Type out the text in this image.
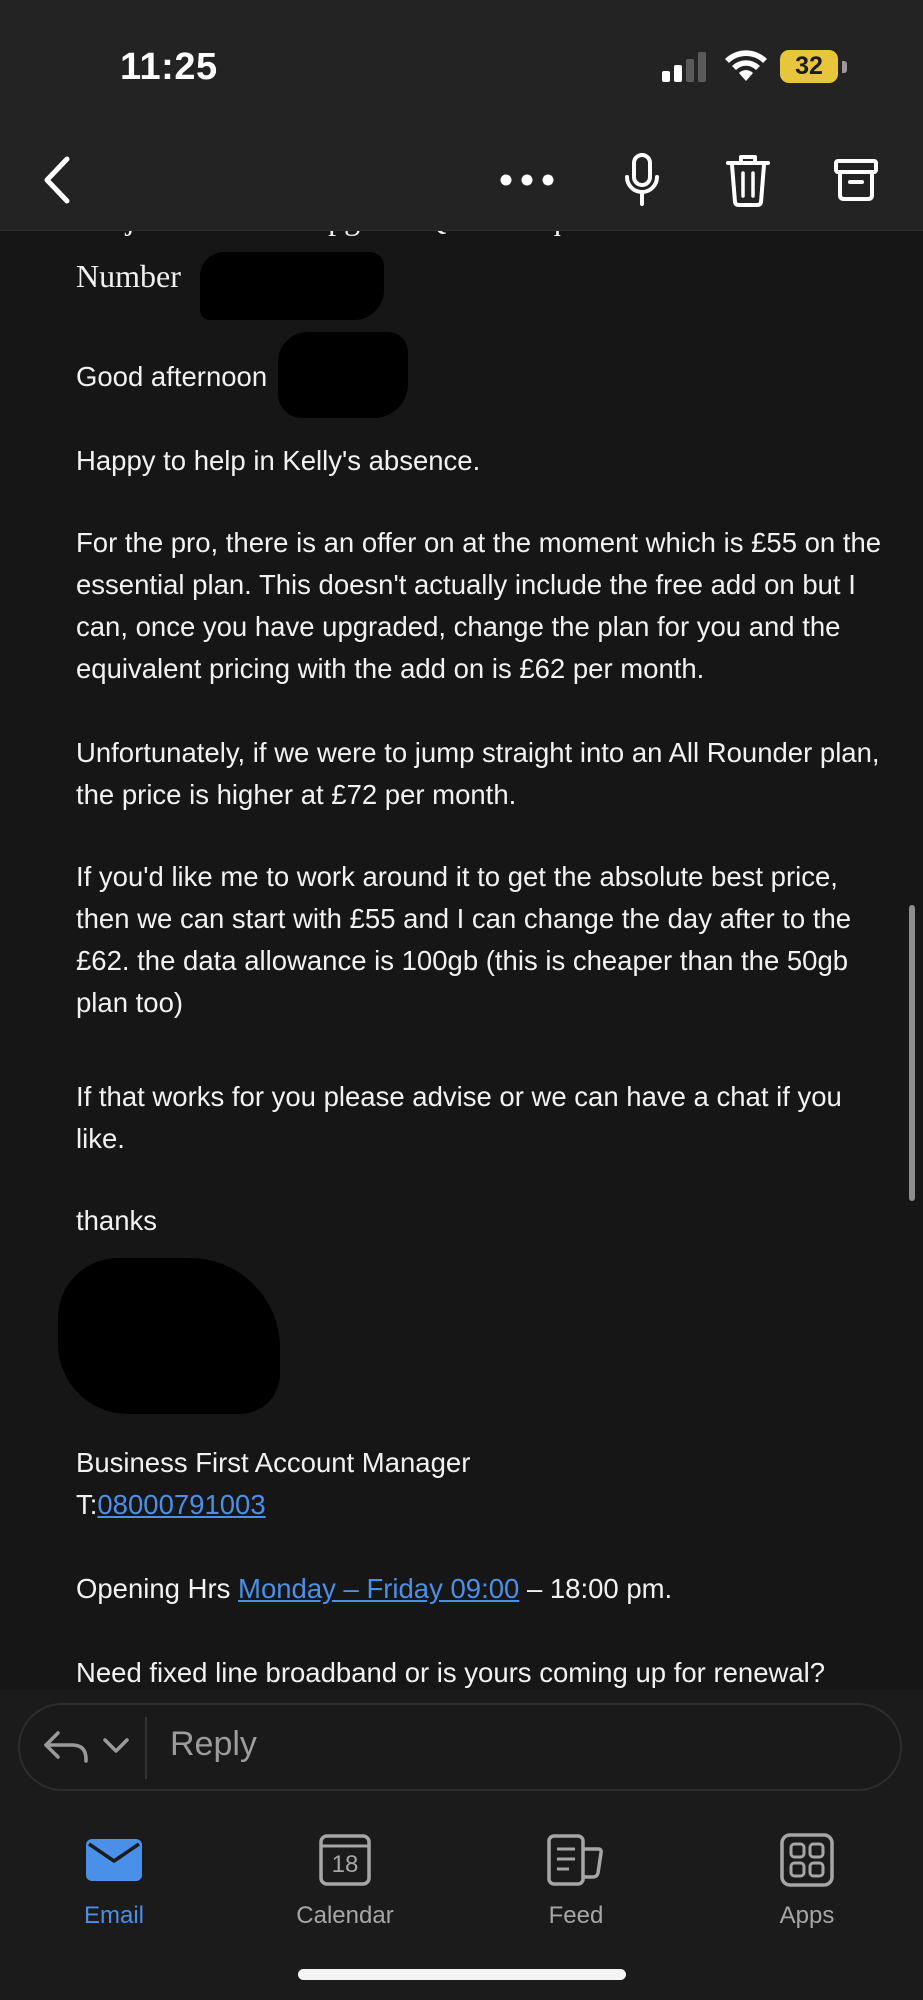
11:25	32
Number

Good afternoon

Happy to help in Kelly's absence.

For the pro, there is an offer on at the moment which is £55 on the essential plan. This doesn't actually include the free add on but I can, once you have upgraded, change the plan for you and the equivalent pricing with the add on is £62 per month.

Unfortunately, if we were to jump straight into an All Rounder plan, the price is higher at £72 per month.

If you'd like me to work around it to get the absolute best price, then we can start with £55 and I can change the day after to the £62. the data allowance is 100gb (this is cheaper than the 50gb plan too)

If that works for you please advise or we can have a chat if you like.

thanks

Business First Account Manager

T:08000791003

Opening Hrs Monday – Friday 09:00 – 18:00 pm.

Need fixed line broadband or is yours coming up for renewal?

Reply
Email
18
Calendar	Feed	Apps
